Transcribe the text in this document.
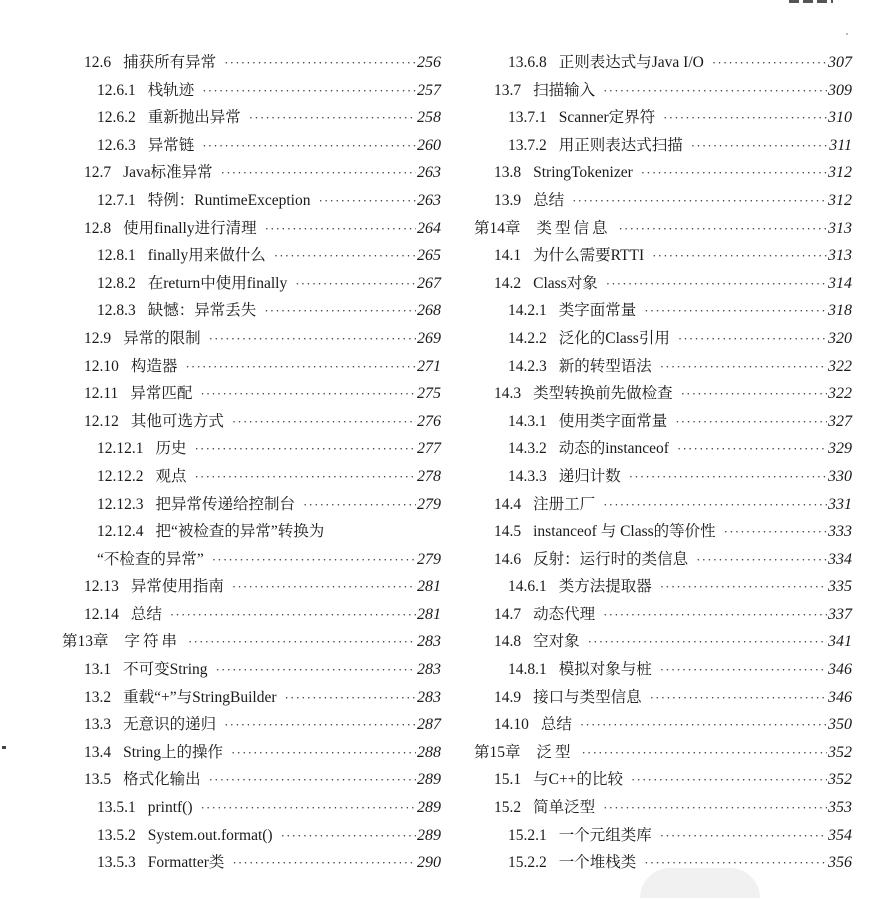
12.6 捕获所有异常 ·····	256
12.6.1 栈轨迹 ·····	257
12.6.2 重新抛出异常 ·····	258
12.6.3 异常链 ·····	260
12.7 Java标准异常 ·····	263
12.7.1 特例：RuntimeException ·····	263
12.8 使用finally进行清理 ·····	264
12.8.1 finally用来做什么 ·····	265
12.8.2 在return中使用finally ·····	267
12.8.3 缺憾：异常丢失 ·····	268
12.9 异常的限制 ·····	269
12.10 构造器 ·····	271
12.11 异常匹配 ·····	275
12.12 其他可选方式 ·····	276
12.12.1 历史 ·····	277
12.12.2 观点 ·····	278
12.12.3 把异常传递给控制台 ·····	279
12.12.4 把“被检查的异常”转换为
“不检查的异常” ·····	279
12.13 异常使用指南 ·····	281
12.14 总结 ·····	281
第13章 字符串 ·····	283
13.1 不可变String ·····	283
13.2 重载“+”与StringBuilder ·····	283
13.3 无意识的递归 ·····	287
13.4 String上的操作 ·····	288
13.5 格式化输出 ·····	289
13.5.1 printf() ·····	289
13.5.2 System.out.format() ·····	289
13.5.3 Formatter类 ·····	290
13.6.8 正则表达式与Java I/O ·····	307
13.7 扫描输入 ·····	309
13.7.1 Scanner定界符 ·····	310
13.7.2 用正则表达式扫描 ·····	311
13.8 StringTokenizer ·····	312
13.9 总结 ·····	312
第14章 类型信息 ·····	313
14.1 为什么需要RTTI ·····	313
14.2 Class对象 ·····	314
14.2.1 类字面常量 ·····	318
14.2.2 泛化的Class引用 ·····	320
14.2.3 新的转型语法 ·····	322
14.3 类型转换前先做检查 ·····	322
14.3.1 使用类字面常量 ·····	327
14.3.2 动态的instanceof ·····	329
14.3.3 递归计数 ·····	330
14.4 注册工厂 ·····	331
14.5 instanceof 与 Class的等价性 ·····	333
14.6 反射：运行时的类信息 ·····	334
14.6.1 类方法提取器 ·····	335
14.7 动态代理 ·····	337
14.8 空对象 ·····	341
14.8.1 模拟对象与桩 ·····	346
14.9 接口与类型信息 ·····	346
14.10 总结 ·····	350
第15章 泛型 ·····	352
15.1 与C++的比较 ·····	352
15.2 简单泛型 ·····	353
15.2.1 一个元组类库 ·····	354
15.2.2 一个堆栈类 ·····	356
